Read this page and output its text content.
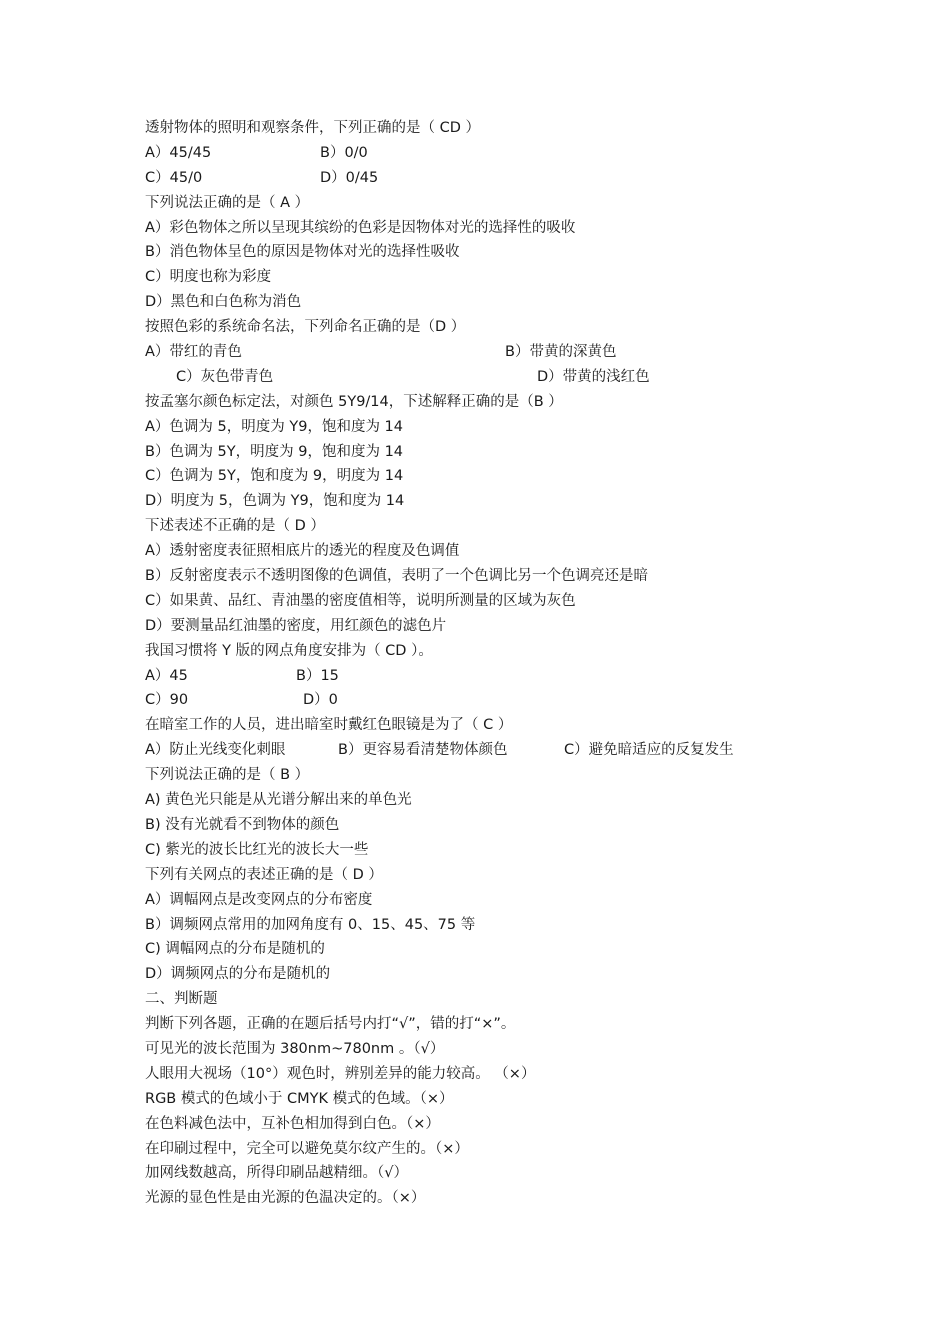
透射物体的照明和观察条件，下列正确的是（ CD ）
A）45/45	B）0/0
C）45/0	D）0/45
下列说法正确的是（ A ）
A）彩色物体之所以呈现其缤纷的色彩是因物体对光的选择性的吸收
B）消色物体呈色的原因是物体对光的选择性吸收
C）明度也称为彩度
D）黑色和白色称为消色
按照色彩的系统命名法，下列命名正确的是（D ）
A）带红的青色	B）带黄的深黄色
C）灰色带青色	D）带黄的浅红色
按孟塞尔颜色标定法，对颜色 5Y9/14，下述解释正确的是（B ）
A）色调为 5，明度为 Y9，饱和度为 14
B）色调为 5Y，明度为 9，饱和度为 14
C）色调为 5Y，饱和度为 9，明度为 14
D）明度为 5，色调为 Y9，饱和度为 14
下述表述不正确的是（ D ）
A）透射密度表征照相底片的透光的程度及色调值
B）反射密度表示不透明图像的色调值，表明了一个色调比另一个色调亮还是暗
C）如果黄、品红、青油墨的密度值相等，说明所测量的区域为灰色
D）要测量品红油墨的密度，用红颜色的滤色片
我国习惯将 Y 版的网点角度安排为（ CD ）。
A）45	B）15
C）90	D）0
在暗室工作的人员，进出暗室时戴红色眼镜是为了（ C ）
A）防止光线变化刺眼	B）更容易看清楚物体颜色	C）避免暗适应的反复发生
下列说法正确的是（ B ）
A) 黄色光只能是从光谱分解出来的单色光
B) 没有光就看不到物体的颜色
C) 紫光的波长比红光的波长大一些
下列有关网点的表述正确的是（ D ）
A）调幅网点是改变网点的分布密度
B）调频网点常用的加网角度有 0、15、45、75 等
C) 调幅网点的分布是随机的
D）调频网点的分布是随机的
二、判断题
判断下列各题，正确的在题后括号内打“√”，错的打“×”。
可见光的波长范围为 380nm~780nm 。（√）
人眼用大视场（10°）观色时，辨别差异的能力较高。 （×）
RGB 模式的色域小于 CMYK 模式的色域。（×）
在色料减色法中，互补色相加得到白色。（×）
在印刷过程中，完全可以避免莫尔纹产生的。（×）
加网线数越高，所得印刷品越精细。（√）
光源的显色性是由光源的色温决定的。（×）
